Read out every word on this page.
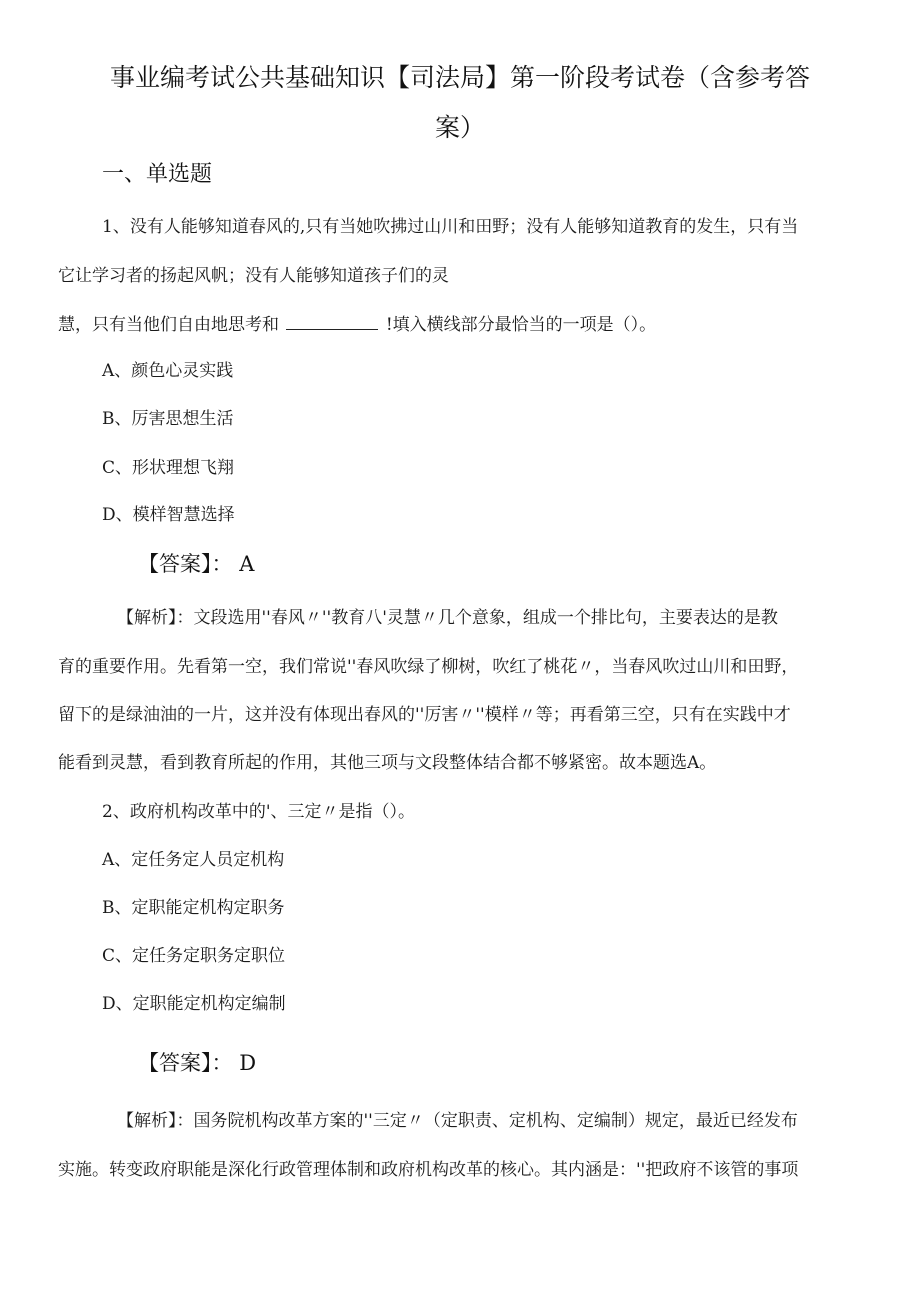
事业编考试公共基础知识【司法局】第一阶段考试卷（含参考答
案）
一、单选题
1、没有人能够知道春风的,只有当她吹拂过山川和田野；没有人能够知道教育的发生，只有当
它让学习者的扬起风帆；没有人能够知道孩子们的灵
慧，只有当他们自由地思考和	!填入横线部分最恰当的一项是（）。
A、颜色心灵实践
B、厉害思想生活
C、形状理想飞翔
D、模样智慧选择
【答案】： A
【解析】：文段选用''春风〃''教育八'灵慧〃几个意象，组成一个排比句，主要表达的是教
育的重要作用。先看第一空，我们常说''春风吹绿了柳树，吹红了桃花〃，当春风吹过山川和田野，
留下的是绿油油的一片，这并没有体现出春风的''厉害〃''模样〃等；再看第三空，只有在实践中才
能看到灵慧，看到教育所起的作用，其他三项与文段整体结合都不够紧密。故本题选A。
2、政府机构改革中的'、三定〃是指（）。
A、定任务定人员定机构
B、定职能定机构定职务
C、定任务定职务定职位
D、定职能定机构定编制
【答案】： D
【解析】：国务院机构改革方案的''三定〃（定职责、定机构、定编制）规定，最近已经发布
实施。转变政府职能是深化行政管理体制和政府机构改革的核心。其内涵是：''把政府不该管的事项
